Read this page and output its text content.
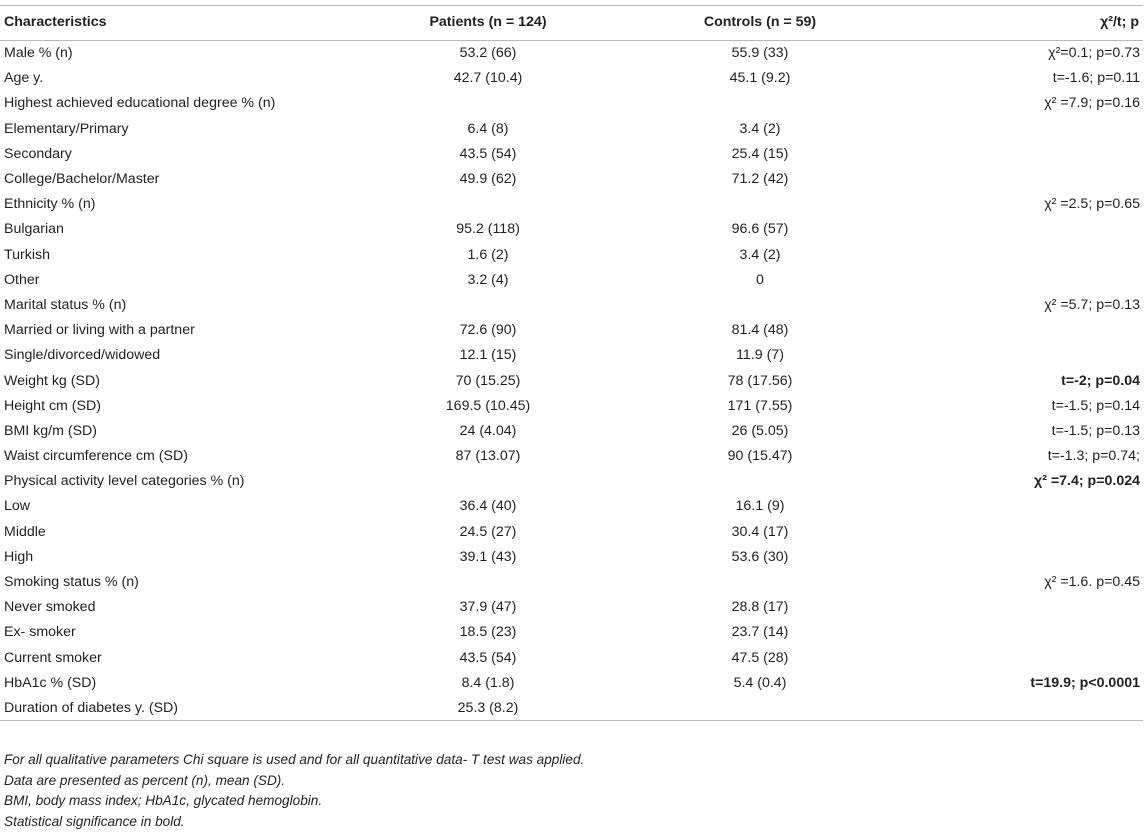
Characteristics	Patients (n = 124)	Controls (n = 59)	χ²/t; p
Male % (n)	53.2 (66)	55.9 (33)	χ²=0.1; p=0.73
Age y.	42.7 (10.4)	45.1 (9.2)	t=-1.6; p=0.11
Highest achieved educational degree % (n)			χ² =7.9; p=0.16
Elementary/Primary	6.4 (8)	3.4 (2)	
Secondary	43.5 (54)	25.4 (15)	
College/Bachelor/Master	49.9 (62)	71.2 (42)	
Ethnicity % (n)			χ² =2.5; p=0.65
Bulgarian	95.2 (118)	96.6 (57)	
Turkish	1.6 (2)	3.4 (2)	
Other	3.2 (4)	0	
Marital status % (n)			χ² =5.7; p=0.13
Married or living with a partner	72.6 (90)	81.4 (48)	
Single/divorced/widowed	12.1 (15)	11.9 (7)	
Weight kg (SD)	70 (15.25)	78 (17.56)	t=-2; p=0.04
Height cm (SD)	169.5 (10.45)	171 (7.55)	t=-1.5; p=0.14
BMI kg/m (SD)	24 (4.04)	26 (5.05)	t=-1.5; p=0.13
Waist circumference cm (SD)	87 (13.07)	90 (15.47)	t=-1.3; p=0.74;
Physical activity level categories % (n)			χ² =7.4; p=0.024
Low	36.4 (40)	16.1 (9)	
Middle	24.5 (27)	30.4 (17)	
High	39.1 (43)	53.6 (30)	
Smoking status % (n)			χ² =1.6. p=0.45
Never smoked	37.9 (47)	28.8 (17)	
Ex- smoker	18.5 (23)	23.7 (14)	
Current smoker	43.5 (54)	47.5 (28)	
HbA1c % (SD)	8.4 (1.8)	5.4 (0.4)	t=19.9; p<0.0001
Duration of diabetes y. (SD)	25.3 (8.2)		
For all qualitative parameters Chi square is used and for all quantitative data- T test was applied.
Data are presented as percent (n), mean (SD).
BMI, body mass index; HbA1c, glycated hemoglobin.
Statistical significance in bold.
